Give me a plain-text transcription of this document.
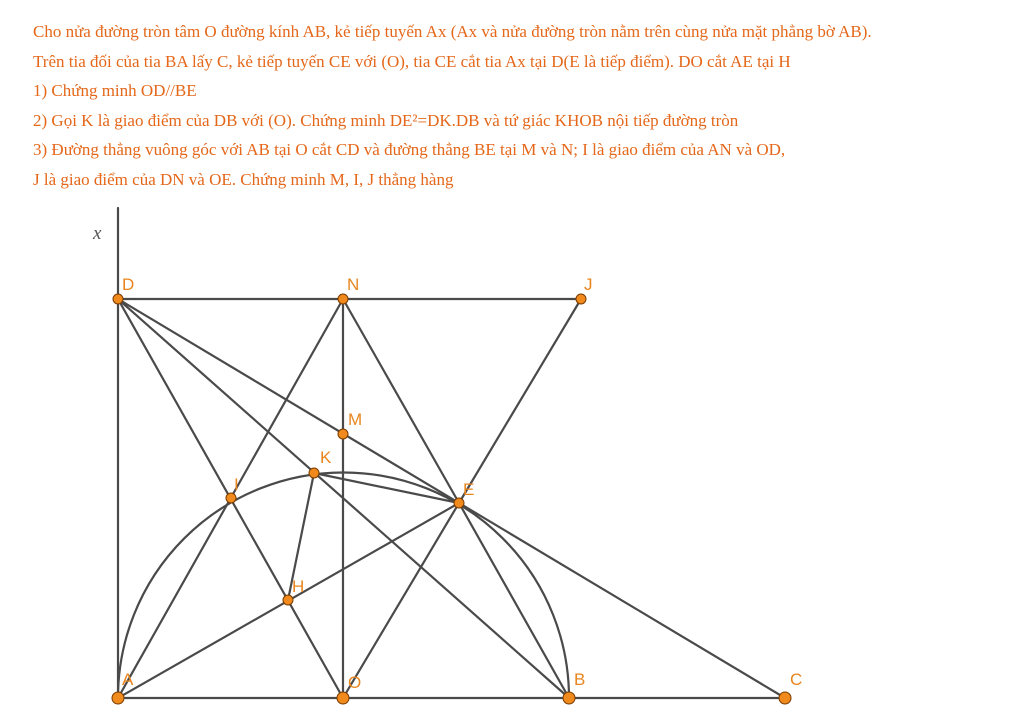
Cho nửa đường tròn tâm O đường kính AB, kẻ tiếp tuyến Ax (Ax và nửa đường tròn nằm trên cùng nửa mặt phẳng bờ AB).
Trên tia đối của tia BA lấy C, kẻ tiếp tuyến CE với (O), tia CE cắt tia Ax tại D(E là tiếp điểm). DO cắt AE tại H
1) Chứng minh OD//BE
2) Gọi K là giao điểm của DB với (O). Chứng minh DE²=DK.DB và tứ giác KHOB nội tiếp đường tròn
3) Đường thẳng vuông góc với AB tại O cắt CD và đường thẳng BE tại M và N; I là giao điểm của AN và OD,
J là giao điểm của DN và OE. Chứng minh M, I, J thẳng hàng
x
D	N	J
M
K
I	E
H
A	O	B	C
